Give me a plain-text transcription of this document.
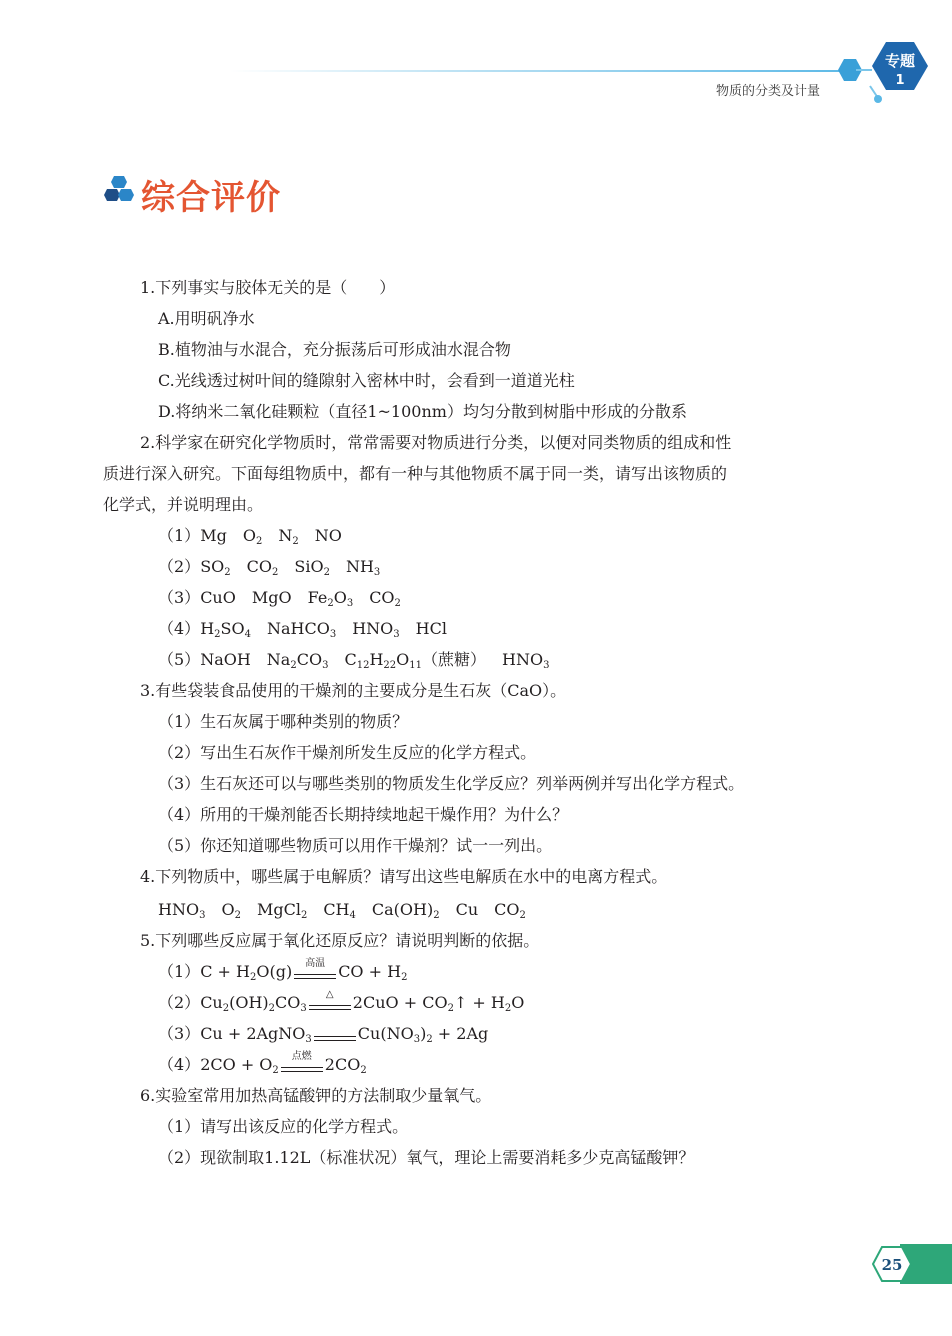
物质的分类及计量
专题
1
综合评价
1.下列事实与胶体无关的是（　　）
A.用明矾净水
B.植物油与水混合，充分振荡后可形成油水混合物
C.光线透过树叶间的缝隙射入密林中时，会看到一道道光柱
D.将纳米二氧化硅颗粒（直径1~100nm）均匀分散到树脂中形成的分散系
2.科学家在研究化学物质时，常常需要对物质进行分类，以便对同类物质的组成和性
质进行深入研究。下面每组物质中，都有一种与其他物质不属于同一类，请写出该物质的
化学式，并说明理由。
（1）Mg $O_2$ $N_2$ NO
$(2)SO_2$ $CO_2$ SiO$_2$ $NH_3$
（3）CuO MgO $Fe_2O_3$ $CO_2$
$(4)H_2SO_4$ NaHCO$_3$ $HNO_3$ HCl
（5）NaOH $Na_2CO_3$ $C_{12}H_{22}O_{11}$（蔗糖） $HNO_3$
3.有些袋装食品使用的干燥剂的主要成分是生石灰（CaO）。
（1）生石灰属于哪种类别的物质？
（2）写出生石灰作干燥剂所发生反应的化学方程式。
（3）生石灰还可以与哪些类别的物质发生化学反应？列举两例并写出化学方程式。
（4）所用的干燥剂能否长期持续地起干燥作用？为什么？
（5）你还知道哪些物质可以用作干燥剂？试一一列出。
4.下列物质中，哪些属于电解质？请写出这些电解质在水中的电离方程式。
$HNO_3$ $O_2$ MgCl$_2$ $CH_4$ $Ca(OH)_2$ Cu $CO_2$
5.下列哪些反应属于氧化还原反应？请说明判断的依据。
$(1)C + H_2O(g)$	高温 CO + $H_2$
$(2)Cu_2(OH)_2CO_3$
△	$2CuO + CO_2↑ + H_2O$
（3）Cu + 2AgNO$_3$	$Cu(NO_3)_2 + 2Ag$
$(4)2CO + O_2$
点燃 $2CO_2$
6.实验室常用加热高锰酸钾的方法制取少量氧气。
（1）请写出该反应的化学方程式。
（2）现欲制取1.12L（标准状况）氧气，理论上需要消耗多少克高锰酸钾？
25
